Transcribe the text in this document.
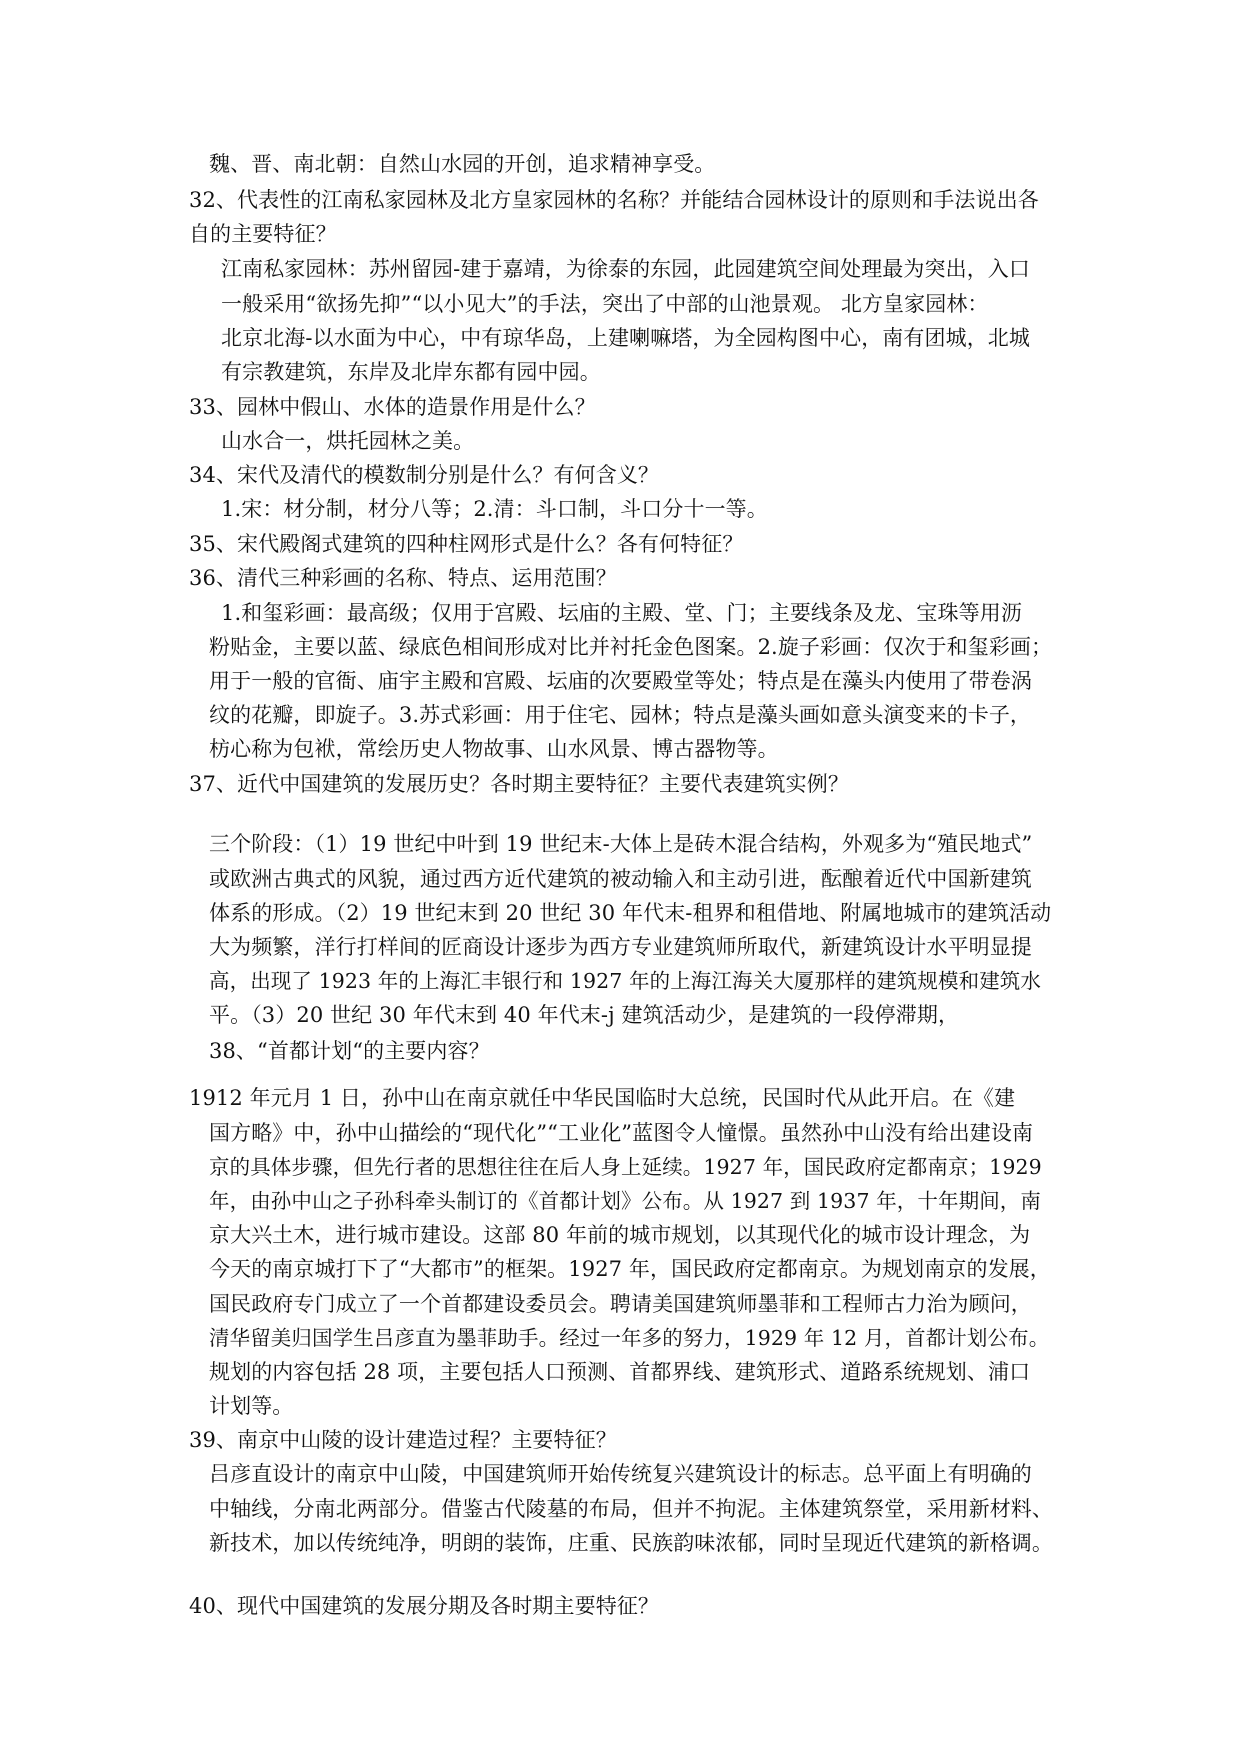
魏、晋、南北朝：自然山水园的开创，追求精神享受。
32、代表性的江南私家园林及北方皇家园林的名称？并能结合园林设计的原则和手法说出各
自的主要特征？
江南私家园林：苏州留园-建于嘉靖，为徐泰的东园，此园建筑空间处理最为突出，入口
一般采用“欲扬先抑”“以小见大”的手法，突出了中部的山池景观。 北方皇家园林：
北京北海-以水面为中心，中有琼华岛，上建喇嘛塔，为全园构图中心，南有团城，北城
有宗教建筑，东岸及北岸东都有园中园。
33、园林中假山、水体的造景作用是什么？
山水合一，烘托园林之美。
34、宋代及清代的模数制分别是什么？有何含义？
1.宋：材分制，材分八等；2.清：斗口制，斗口分十一等。
35、宋代殿阁式建筑的四种柱网形式是什么？各有何特征？
36、清代三种彩画的名称、特点、运用范围？
1.和玺彩画：最高级；仅用于宫殿、坛庙的主殿、堂、门；主要线条及龙、宝珠等用沥
粉贴金，主要以蓝、绿底色相间形成对比并衬托金色图案。2.旋子彩画：仅次于和玺彩画；
用于一般的官衙、庙宇主殿和宫殿、坛庙的次要殿堂等处；特点是在藻头内使用了带卷涡
纹的花瓣，即旋子。3.苏式彩画：用于住宅、园林；特点是藻头画如意头演变来的卡子，
枋心称为包袱，常绘历史人物故事、山水风景、博古器物等。
37、近代中国建筑的发展历史？各时期主要特征？主要代表建筑实例？
三个阶段：（1）19 世纪中叶到 19 世纪末-大体上是砖木混合结构，外观多为“殖民地式”
或欧洲古典式的风貌，通过西方近代建筑的被动输入和主动引进，酝酿着近代中国新建筑
体系的形成。（2）19 世纪末到 20 世纪 30 年代末-租界和租借地、附属地城市的建筑活动
大为频繁，洋行打样间的匠商设计逐步为西方专业建筑师所取代，新建筑设计水平明显提
高，出现了 1923 年的上海汇丰银行和 1927 年的上海江海关大厦那样的建筑规模和建筑水
平。（3）20 世纪 30 年代末到 40 年代末-j 建筑活动少，是建筑的一段停滞期，
38、“首都计划“的主要内容？
1912 年元月 1 日，孙中山在南京就任中华民国临时大总统，民国时代从此开启。在《建
国方略》中，孙中山描绘的“现代化”“工业化”蓝图令人憧憬。虽然孙中山没有给出建设南
京的具体步骤，但先行者的思想往往在后人身上延续。1927 年，国民政府定都南京；1929
年，由孙中山之子孙科牵头制订的《首都计划》公布。从 1927 到 1937 年，十年期间，南
京大兴土木，进行城市建设。这部 80 年前的城市规划，以其现代化的城市设计理念，为
今天的南京城打下了“大都市”的框架。1927 年，国民政府定都南京。为规划南京的发展，
国民政府专门成立了一个首都建设委员会。聘请美国建筑师墨菲和工程师古力治为顾问，
清华留美归国学生吕彦直为墨菲助手。经过一年多的努力，1929 年 12 月，首都计划公布。
规划的内容包括 28 项，主要包括人口预测、首都界线、建筑形式、道路系统规划、浦口
计划等。
39、南京中山陵的设计建造过程？主要特征？
吕彦直设计的南京中山陵，中国建筑师开始传统复兴建筑设计的标志。总平面上有明确的
中轴线，分南北两部分。借鉴古代陵墓的布局，但并不拘泥。主体建筑祭堂，采用新材料、
新技术，加以传统纯净，明朗的装饰，庄重、民族韵味浓郁，同时呈现近代建筑的新格调。
40、现代中国建筑的发展分期及各时期主要特征？
